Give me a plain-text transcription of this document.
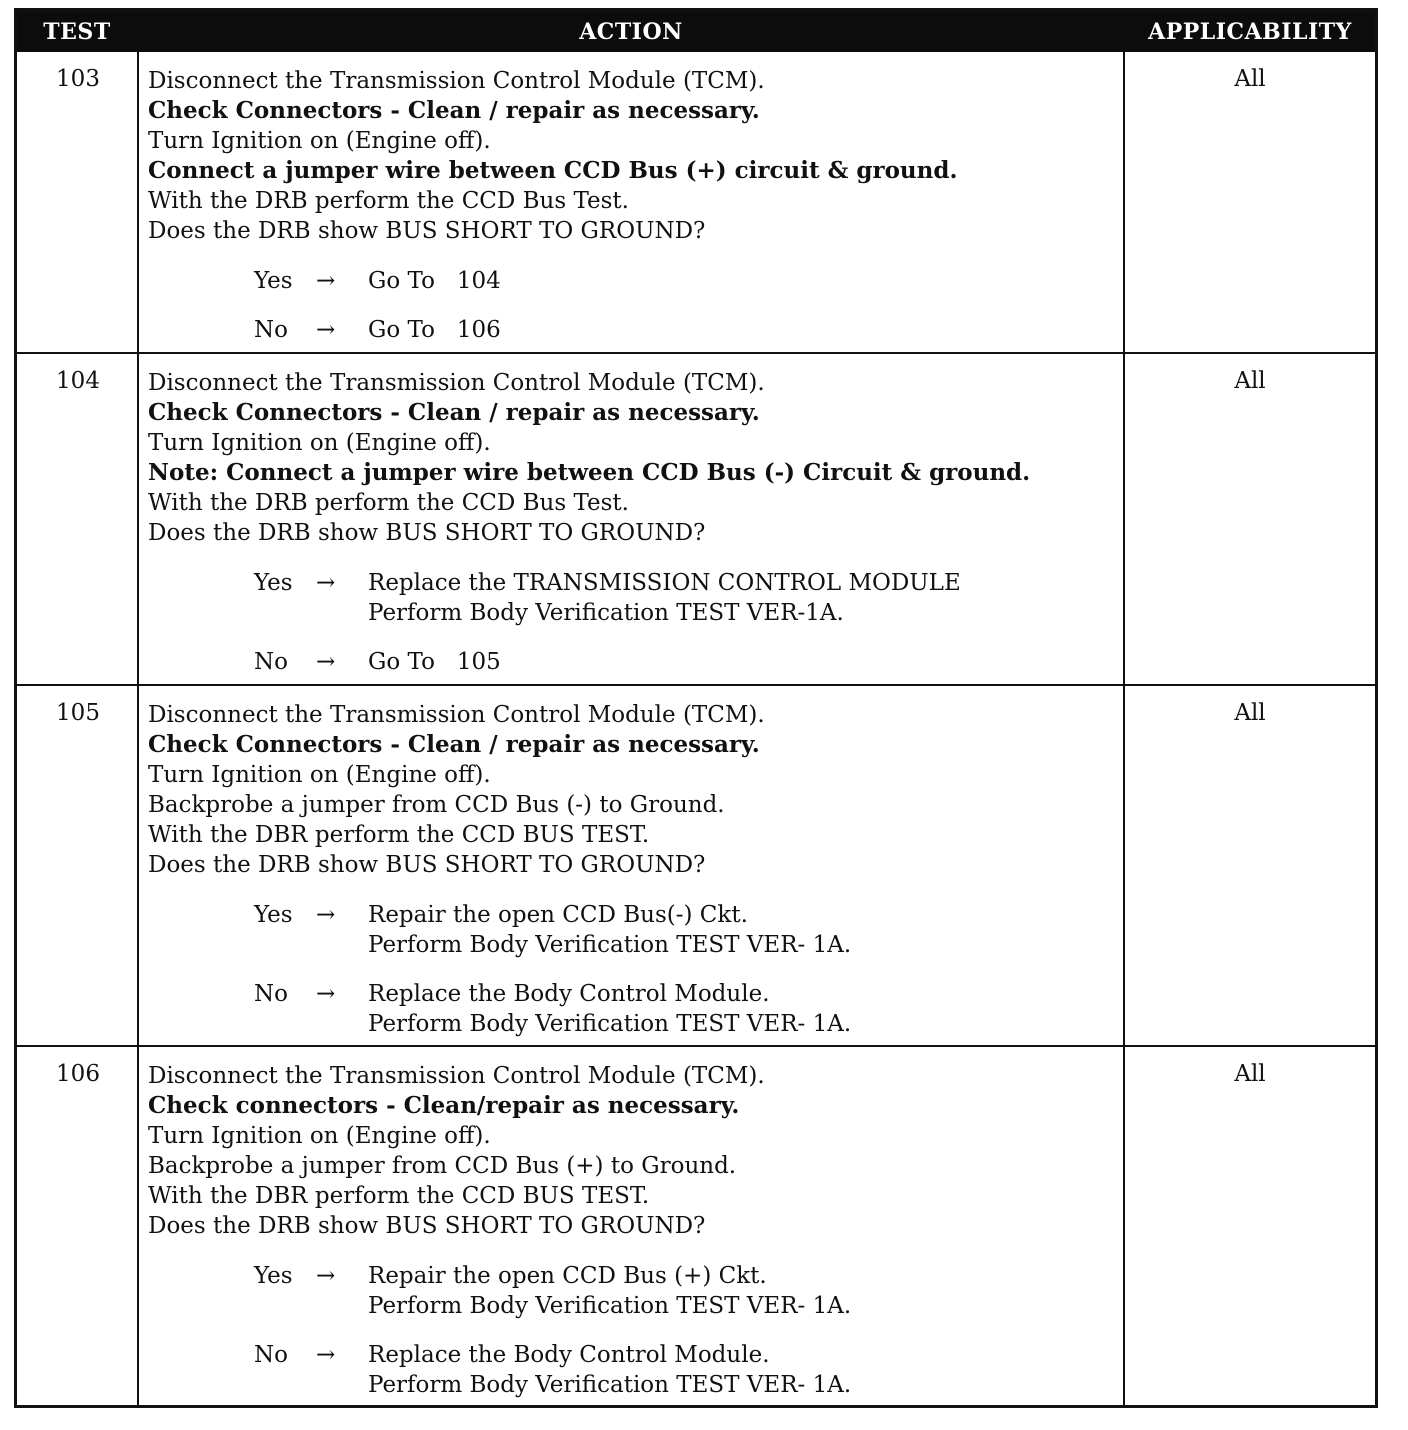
TEST	ACTION	APPLICABILITY
103	Disconnect the Transmission Control Module (TCM).
Check Connectors - Clean / repair as necessary.
Turn Ignition on (Engine off).
Connect a jumper wire between CCD Bus (+) circuit & ground.
With the DRB perform the CCD Bus Test.
Does the DRB show BUS SHORT TO GROUND?
Yes → Go To   104
No → Go To   106
All
104	Disconnect the Transmission Control Module (TCM).
Check Connectors - Clean / repair as necessary.
Turn Ignition on (Engine off).
Note: Connect a jumper wire between CCD Bus (-) Circuit & ground.
With the DRB perform the CCD Bus Test.
Does the DRB show BUS SHORT TO GROUND?
Yes → Replace the TRANSMISSION CONTROL MODULE
Perform Body Verification TEST VER-1A.
No → Go To   105
All
105	Disconnect the Transmission Control Module (TCM).
Check Connectors - Clean / repair as necessary.
Turn Ignition on (Engine off).
Backprobe a jumper from CCD Bus (-) to Ground.
With the DBR perform the CCD BUS TEST.
Does the DRB show BUS SHORT TO GROUND?
Yes → Repair the open CCD Bus(-) Ckt.
Perform Body Verification TEST VER- 1A.
No → Replace the Body Control Module.
Perform Body Verification TEST VER- 1A.
All
106	Disconnect the Transmission Control Module (TCM).
Check connectors - Clean/repair as necessary.
Turn Ignition on (Engine off).
Backprobe a jumper from CCD Bus (+) to Ground.
With the DBR perform the CCD BUS TEST.
Does the DRB show BUS SHORT TO GROUND?
Yes → Repair the open CCD Bus (+) Ckt.
Perform Body Verification TEST VER- 1A.
No → Replace the Body Control Module.
Perform Body Verification TEST VER- 1A.
All
